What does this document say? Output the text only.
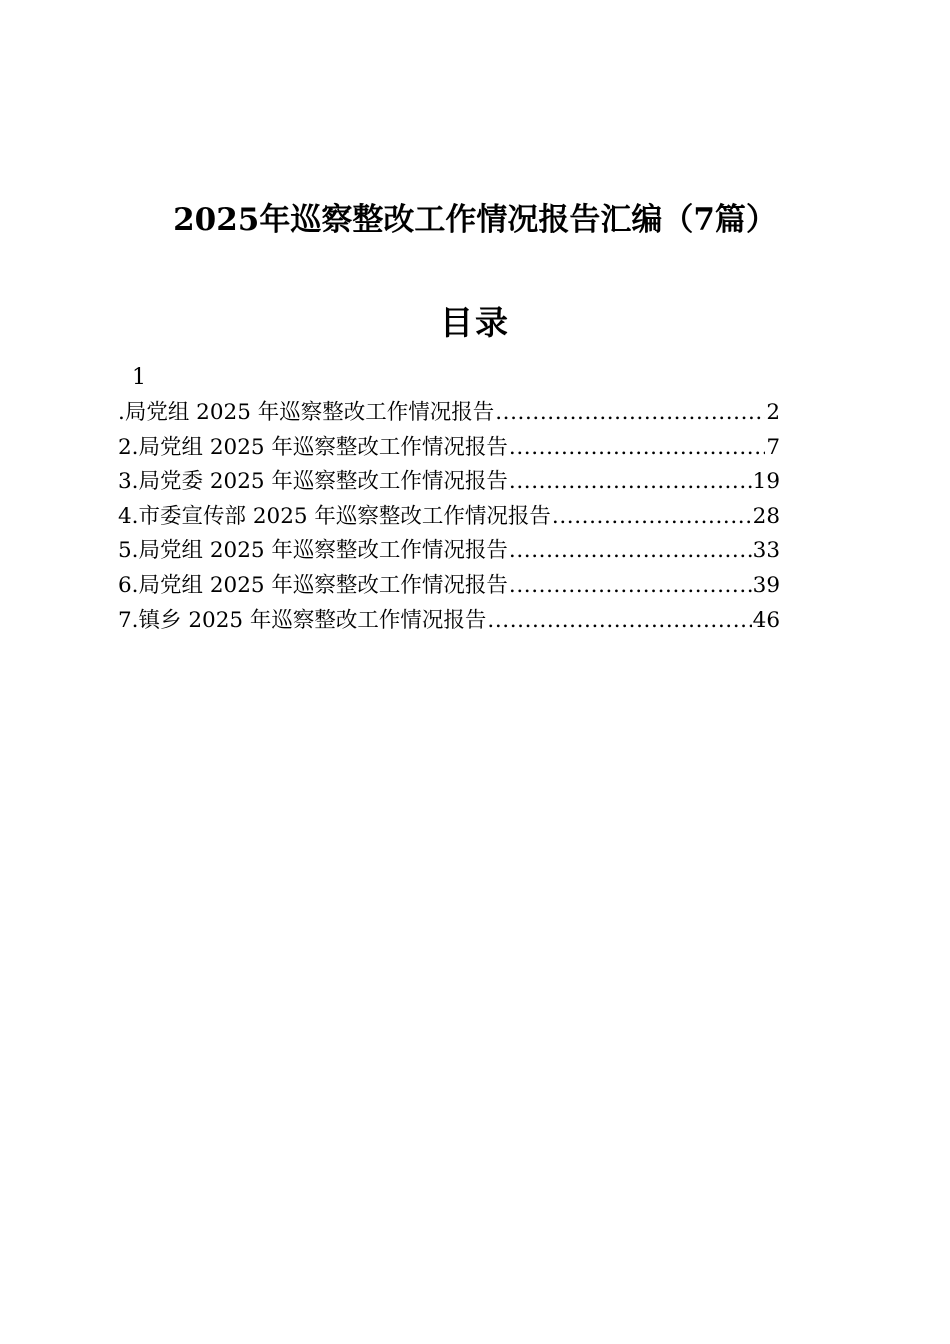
2025年巡察整改工作情况报告汇编（7篇）
目录
1
.局党组 2025 年巡察整改工作情况报告 .....	2
2.局党组 2025 年巡察整改工作情况报告 .....	7
3.局党委 2025 年巡察整改工作情况报告 .....	19
4.市委宣传部 2025 年巡察整改工作情况报告 .....	28
5.局党组 2025 年巡察整改工作情况报告 .....	33
6.局党组 2025 年巡察整改工作情况报告 .....	39
7.镇乡 2025 年巡察整改工作情况报告 .....	46
